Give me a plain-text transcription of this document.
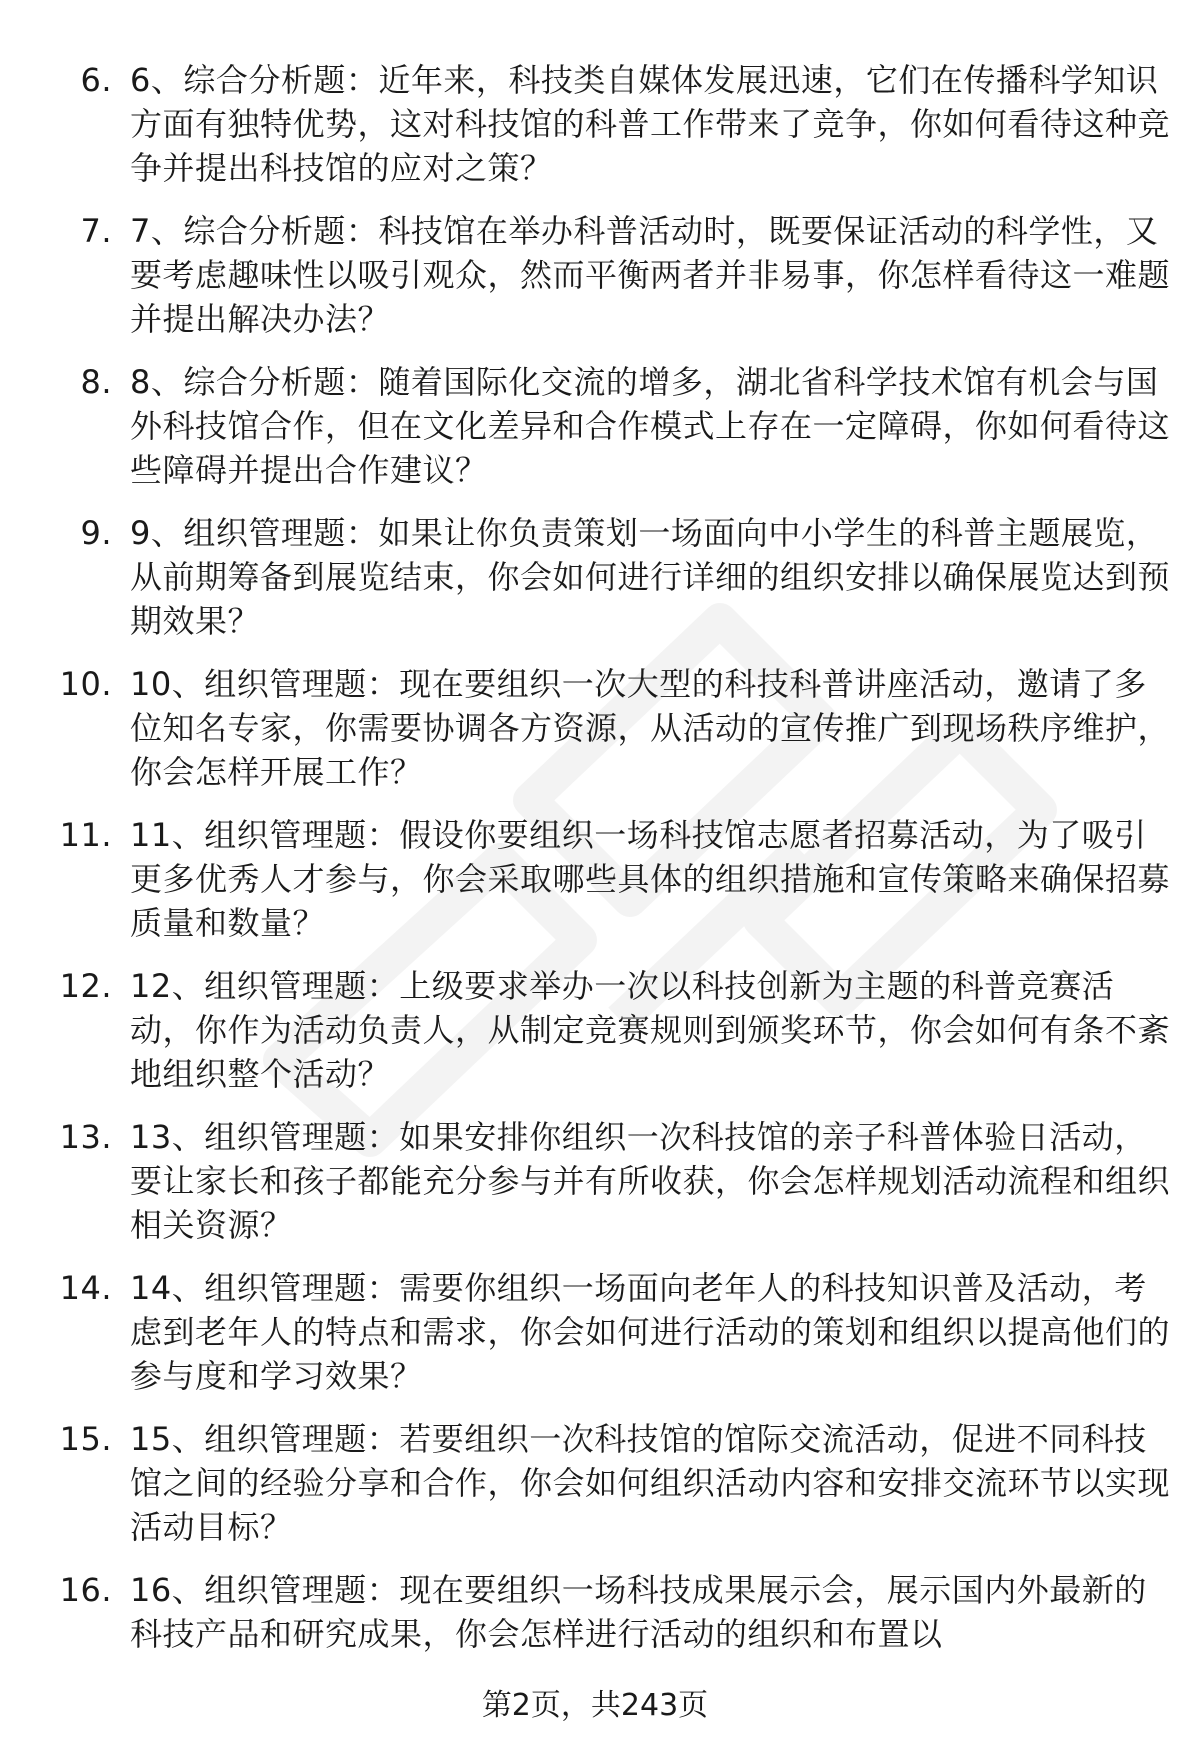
6. 6、综合分析题：近年来，科技类自媒体发展迅速，它们在传播科学知识方面有独特优势，这对科技馆的科普工作带来了竞争，你如何看待这种竞争并提出科技馆的应对之策？
7. 7、综合分析题：科技馆在举办科普活动时，既要保证活动的科学性，又要考虑趣味性以吸引观众，然而平衡两者并非易事，你怎样看待这一难题并提出解决办法？
8. 8、综合分析题：随着国际化交流的增多，湖北省科学技术馆有机会与国外科技馆合作，但在文化差异和合作模式上存在一定障碍，你如何看待这些障碍并提出合作建议？
9. 9、组织管理题：如果让你负责策划一场面向中小学生的科普主题展览，从前期筹备到展览结束，你会如何进行详细的组织安排以确保展览达到预期效果？
10. 10、组织管理题：现在要组织一次大型的科技科普讲座活动，邀请了多位知名专家，你需要协调各方资源，从活动的宣传推广到现场秩序维护，你会怎样开展工作？
11. 11、组织管理题：假设你要组织一场科技馆志愿者招募活动，为了吸引更多优秀人才参与，你会采取哪些具体的组织措施和宣传策略来确保招募质量和数量？
12. 12、组织管理题：上级要求举办一次以科技创新为主题的科普竞赛活动，你作为活动负责人，从制定竞赛规则到颁奖环节，你会如何有条不紊地组织整个活动？
13. 13、组织管理题：如果安排你组织一次科技馆的亲子科普体验日活动，要让家长和孩子都能充分参与并有所收获，你会怎样规划活动流程和组织相关资源？
14. 14、组织管理题：需要你组织一场面向老年人的科技知识普及活动，考虑到老年人的特点和需求，你会如何进行活动的策划和组织以提高他们的参与度和学习效果？
15. 15、组织管理题：若要组织一次科技馆的馆际交流活动，促进不同科技馆之间的经验分享和合作，你会如何组织活动内容和安排交流环节以实现活动目标？
16. 16、组织管理题：现在要组织一场科技成果展示会，展示国内外最新的科技产品和研究成果，你会怎样进行活动的组织和布置以
第2页，共243页
